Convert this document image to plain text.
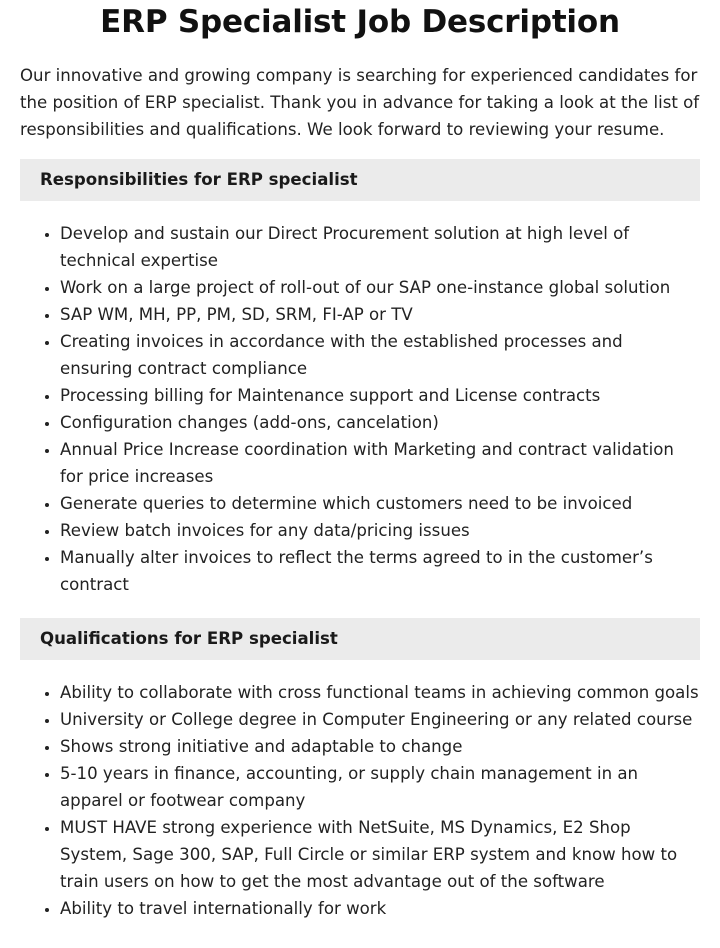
ERP Specialist Job Description

Our innovative and growing company is searching for experienced candidates for the position of ERP specialist. Thank you in advance for taking a look at the list of responsibilities and qualifications. We look forward to reviewing your resume.

Responsibilities for ERP specialist
• Develop and sustain our Direct Procurement solution at high level of technical expertise
• Work on a large project of roll-out of our SAP one-instance global solution
• SAP WM, MH, PP, PM, SD, SRM, FI-AP or TV
• Creating invoices in accordance with the established processes and ensuring contract compliance
• Processing billing for Maintenance support and License contracts
• Configuration changes (add-ons, cancelation)
• Annual Price Increase coordination with Marketing and contract validation for price increases
• Generate queries to determine which customers need to be invoiced
• Review batch invoices for any data/pricing issues
• Manually alter invoices to reflect the terms agreed to in the customer’s contract
Qualifications for ERP specialist
• Ability to collaborate with cross functional teams in achieving common goals
• University or College degree in Computer Engineering or any related course
• Shows strong initiative and adaptable to change
• 5-10 years in finance, accounting, or supply chain management in an apparel or footwear company
• MUST HAVE strong experience with NetSuite, MS Dynamics, E2 Shop System, Sage 300, SAP, Full Circle or similar ERP system and know how to train users on how to get the most advantage out of the software
• Ability to travel internationally for work
